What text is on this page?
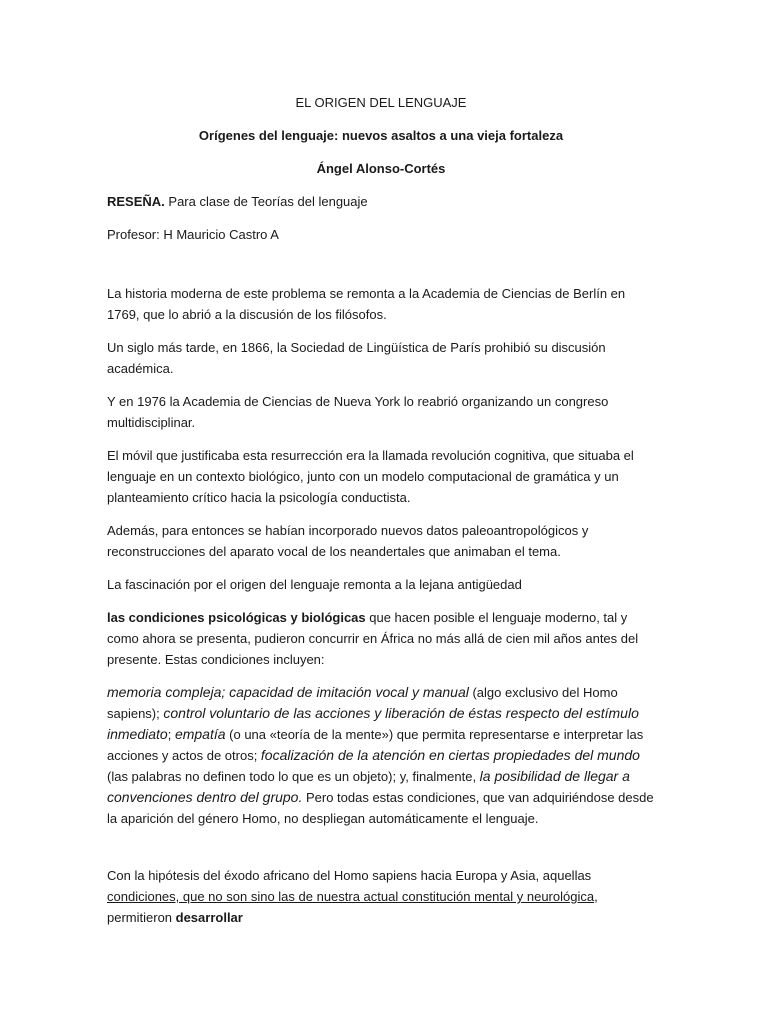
EL ORIGEN DEL LENGUAJE

Orígenes del lenguaje: nuevos asaltos a una vieja fortaleza

Ángel Alonso-Cortés

RESEÑA. Para clase de Teorías del lenguaje

Profesor: H Mauricio Castro A

La historia moderna de este problema se remonta a la Academia de Ciencias de Berlín en 1769, que lo abrió a la discusión de los filósofos.

Un siglo más tarde, en 1866, la Sociedad de Lingüística de París prohibió su discusión académica.

Y en 1976 la Academia de Ciencias de Nueva York lo reabrió organizando un congreso multidisciplinar.

El móvil que justificaba esta resurrección era la llamada revolución cognitiva, que situaba el lenguaje en un contexto biológico, junto con un modelo computacional de gramática y un planteamiento crítico hacia la psicología conductista.

Además, para entonces se habían incorporado nuevos datos paleoantropológicos y reconstrucciones del aparato vocal de los neandertales que animaban el tema.

La fascinación por el origen del lenguaje remonta a la lejana antigüedad

las condiciones psicológicas y biológicas que hacen posible el lenguaje moderno, tal y como ahora se presenta, pudieron concurrir en África no más allá de cien mil años antes del presente. Estas condiciones incluyen:

memoria compleja; capacidad de imitación vocal y manual (algo exclusivo del Homo sapiens); control voluntario de las acciones y liberación de éstas respecto del estímulo inmediato; empatía (o una «teoría de la mente») que permita representarse e interpretar las acciones y actos de otros; focalización de la atención en ciertas propiedades del mundo (las palabras no definen todo lo que es un objeto); y, finalmente, la posibilidad de llegar a convenciones dentro del grupo. Pero todas estas condiciones, que van adquiriéndose desde la aparición del género Homo, no despliegan automáticamente el lenguaje.

Con la hipótesis del éxodo africano del Homo sapiens hacia Europa y Asia, aquellas condiciones, que no son sino las de nuestra actual constitución mental y neurológica, permitieron desarrollar
